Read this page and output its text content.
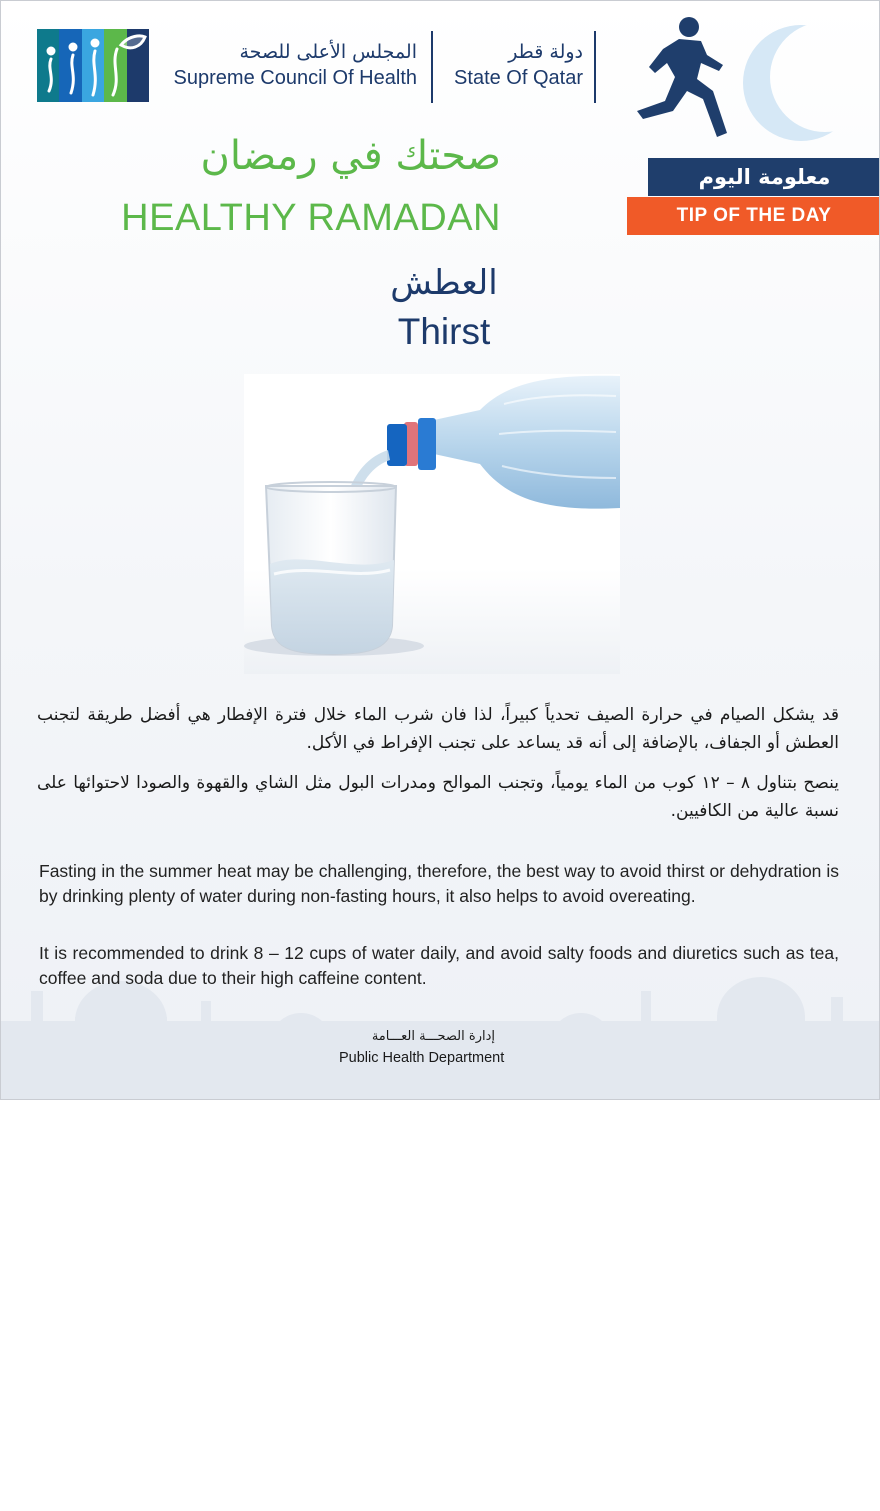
المجلس الأعلى للصحة
Supreme Council Of Health
دولة قطر
State Of Qatar
صحتك في رمضان
HEALTHY RAMADAN
معلومة اليوم
TIP OF THE DAY
العطش
Thirst

قد يشكل الصيام في حرارة الصيف تحدياً كبيراً، لذا فان شرب الماء خلال فترة الإفطار هي أفضل طريقة لتجنب العطش أو الجفاف، بالإضافة إلى أنه قد يساعد على تجنب الإفراط في الأكل.

ينصح بتناول ٨ – ١٢ كوب من الماء يومياً، وتجنب الموالح ومدرات البول مثل الشاي والقهوة والصودا لاحتوائها على نسبة عالية من الكافيين.

Fasting in the summer heat may be challenging, therefore, the best way to avoid thirst or dehydration is by drinking plenty of water during non-fasting hours, it also helps to avoid overeating.

It is recommended to drink 8 – 12 cups of water daily, and avoid salty foods and diuretics such as tea, coffee and soda due to their high caffeine content.

إدارة الصحـــة العـــامة
Public Health Department
